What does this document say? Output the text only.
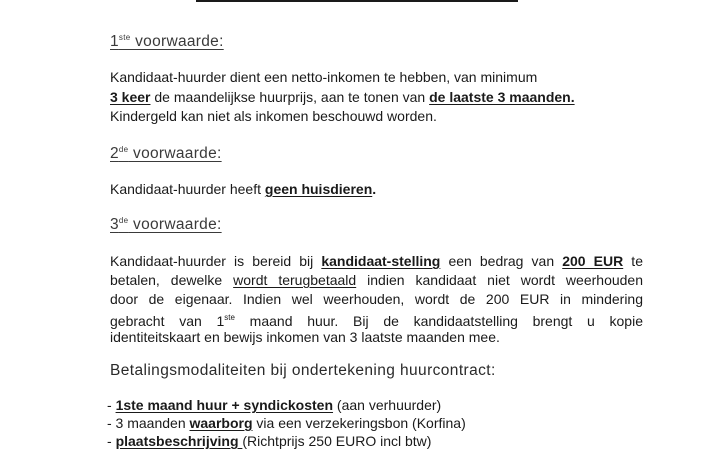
1ste voorwaarde:
Kandidaat-huurder dient een netto-inkomen te hebben, van minimum
3 keer de maandelijkse huurprijs, aan te tonen van de laatste 3 maanden.
Kindergeld kan niet als inkomen beschouwd worden.
2de voorwaarde:
Kandidaat-huurder heeft geen huisdieren.
3de voorwaarde:
Kandidaat-huurder is bereid bij kandidaat-stelling een bedrag van 200 EUR te
betalen, dewelke wordt terugbetaald indien kandidaat niet wordt weerhouden
door de eigenaar. Indien wel weerhouden, wordt de 200 EUR in mindering
gebracht van 1ste maand huur. Bij de kandidaatstelling brengt u kopie
identiteitskaart en bewijs inkomen van 3 laatste maanden mee.
Betalingsmodaliteiten bij ondertekening huurcontract:
- 1ste maand huur + syndickosten (aan verhuurder)
- 3 maanden waarborg via een verzekeringsbon (Korfina)
- plaatsbeschrijving (Richtprijs 250 EURO incl btw)
